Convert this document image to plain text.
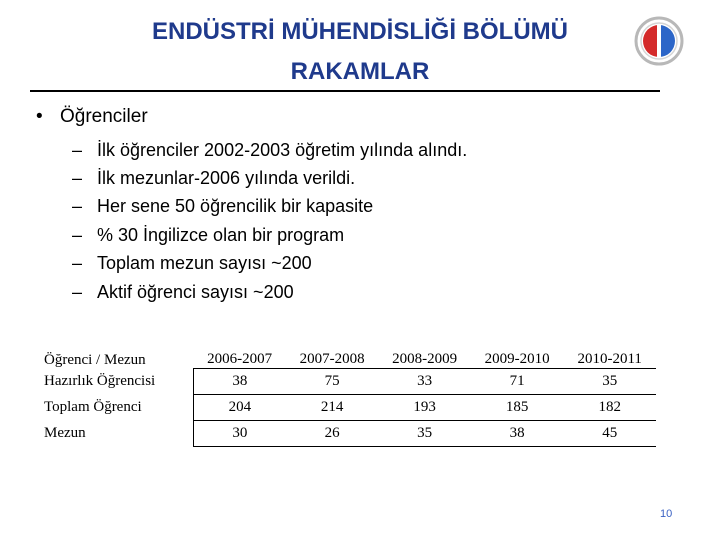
ENDÜSTRİ MÜHENDİSLİĞİ BÖLÜMÜ
RAKAMLAR
• Öğrenciler
– İlk öğrenciler 2002-2003 öğretim yılında alındı.
– İlk mezunlar-2006 yılında verildi.
– Her sene 50 öğrencilik bir kapasite
– % 30 İngilizce olan bir program
– Toplam mezun sayısı ~200
– Aktif öğrenci sayısı ~200
Öğrenci / Mezun	2006-2007	2007-2008	2008-2009	2009-2010	2010-2011
Hazırlık Öğrencisi	38	75	33	71	35
Toplam Öğrenci	204	214	193	185	182
Mezun	30	26	35	38	45
10
